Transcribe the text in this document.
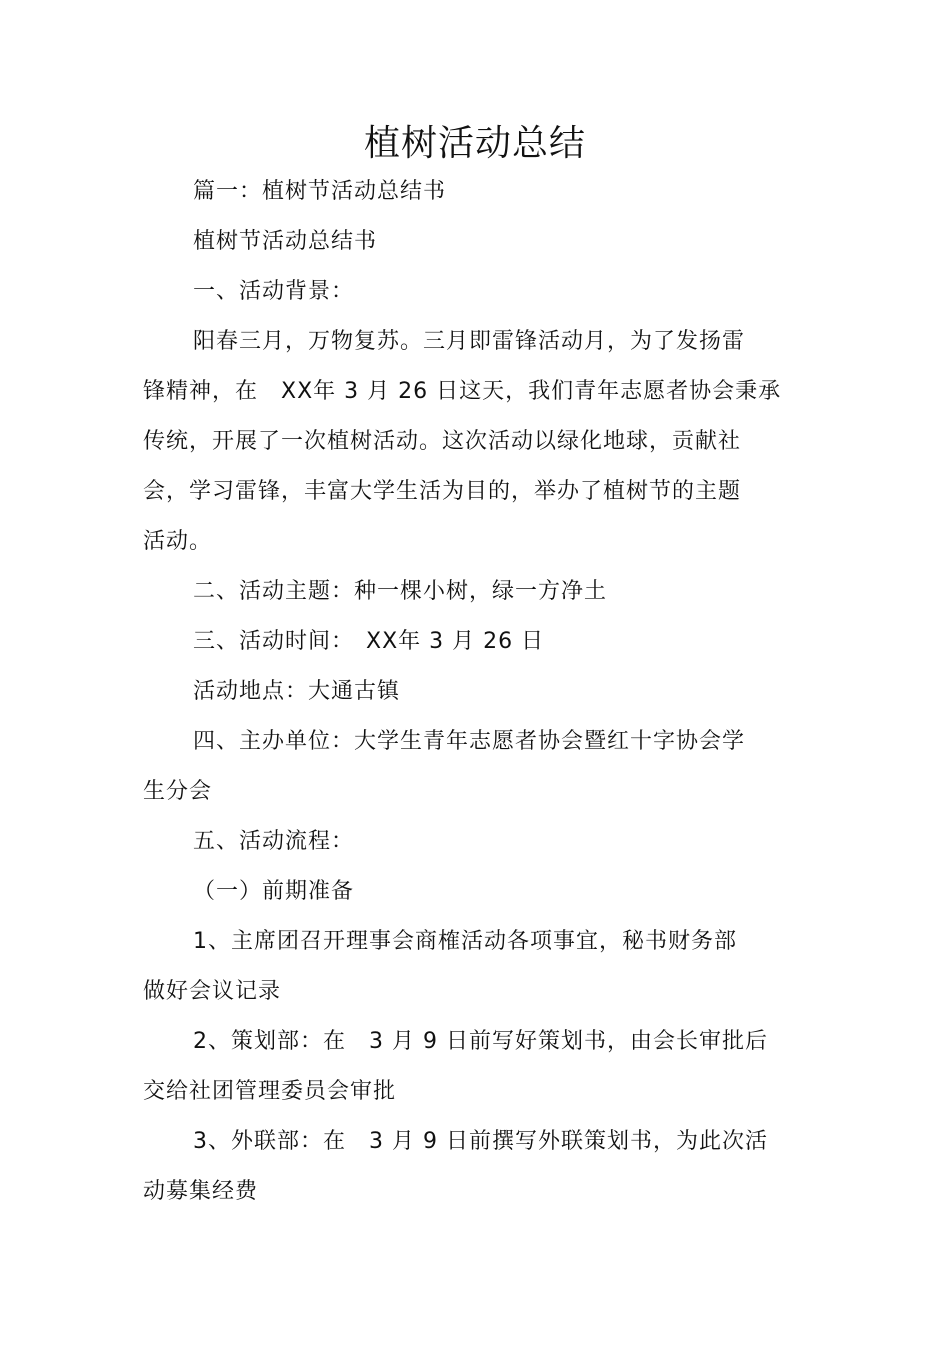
植树活动总结
篇一：植树节活动总结书
植树节活动总结书
一、活动背景：
阳春三月，万物复苏。三月即雷锋活动月，为了发扬雷
锋精神，在　XX年 3 月 26 日这天，我们青年志愿者协会秉承
传统，开展了一次植树活动。这次活动以绿化地球，贡献社
会，学习雷锋，丰富大学生活为目的，举办了植树节的主题
活动。
二、活动主题：种一棵小树，绿一方净土
三、活动时间：　XX年 3 月 26 日
活动地点：大通古镇
四、主办单位：大学生青年志愿者协会暨红十字协会学
生分会
五、活动流程：
（一）前期准备
1、主席团召开理事会商榷活动各项事宜，秘书财务部
做好会议记录
2、策划部：在　3 月 9 日前写好策划书，由会长审批后
交给社团管理委员会审批
3、外联部：在　3 月 9 日前撰写外联策划书，为此次活
动募集经费
